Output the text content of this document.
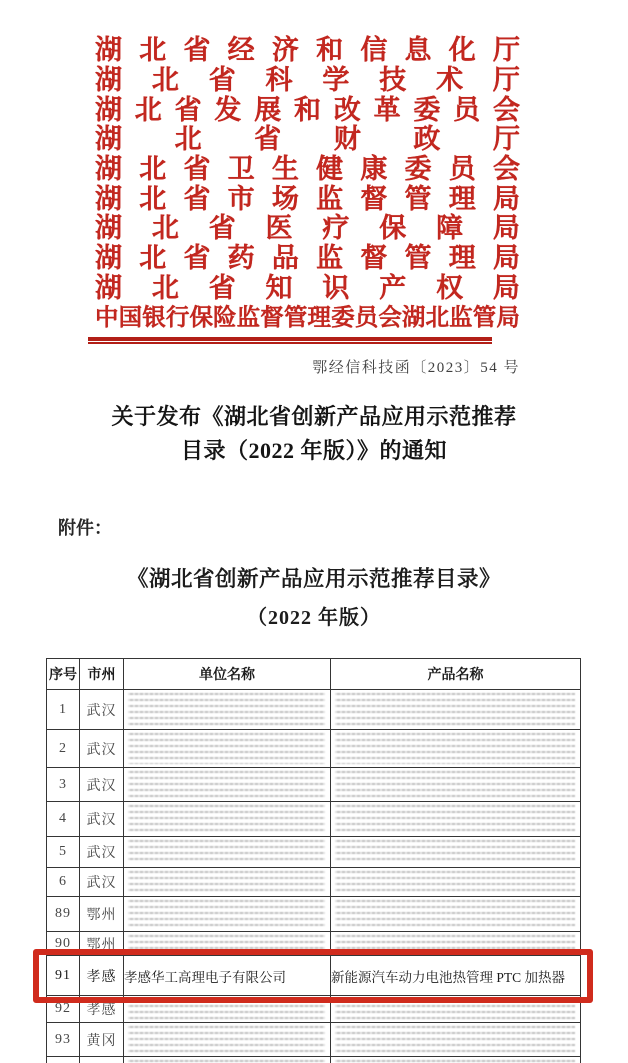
湖 北 省 经 济 和 信 息 化 厅
湖 北 省 科 学 技 术 厅
湖 北 省 发 展 和 改 革 委 员 会
湖 北 省 财 政 厅
湖 北 省 卫 生 健 康 委 员 会
湖 北 省 市 场 监 督 管 理 局
湖 北 省 医 疗 保 障 局
湖 北 省 药 品 监 督 管 理 局
湖 北 省 知 识 产 权 局
中 国 银 行 保 险 监 督 管 理 委 员 会 湖 北 监 管 局
鄂经信科技函〔2023〕54 号
关于发布《湖北省创新产品应用示范推荐
目录（2022 年版）》的通知
附件：
《湖北省创新产品应用示范推荐目录》
（2022 年版）
序号	市州	单位名称	产品名称
1	武汉	

2	武汉	

3	武汉	

4	武汉	

5	武汉	

6	武汉	

89	鄂州	

90	鄂州	

91	孝感	孝感华工高理电子有限公司	新能源汽车动力电池热管理 PTC 加热器
92	孝感	

93	黄冈	
